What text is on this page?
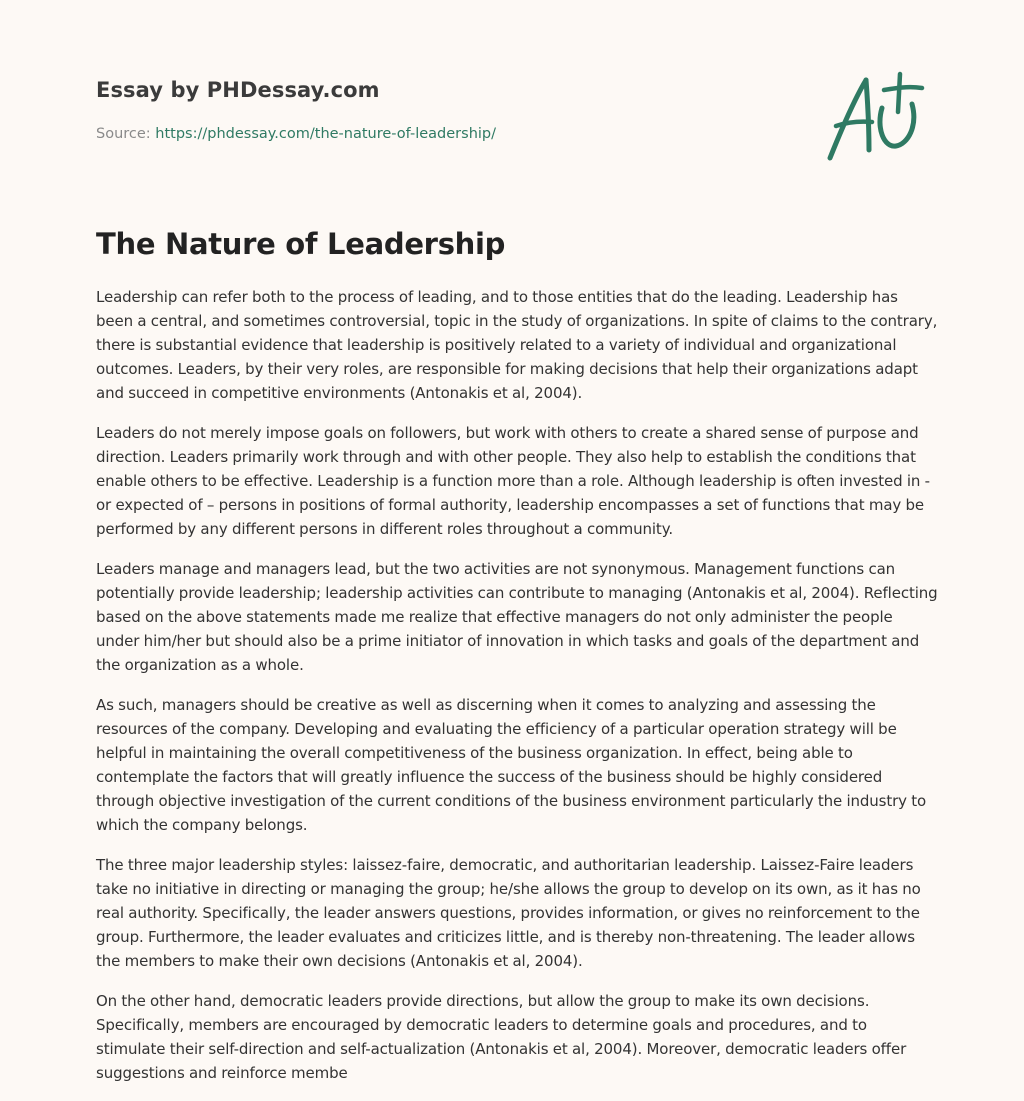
Essay by PHDessay.com
Source: https://phdessay.com/the-nature-of-leadership/
The Nature of Leadership

Leadership can refer both to the process of leading, and to those entities that do the leading. Leadership has been a central, and sometimes controversial, topic in the study of organizations. In spite of claims to the contrary, there is substantial evidence that leadership is positively related to a variety of individual and organizational outcomes. Leaders, by their very roles, are responsible for making decisions that help their organizations adapt and succeed in competitive environments (Antonakis et al, 2004).

Leaders do not merely impose goals on followers, but work with others to create a shared sense of purpose and direction. Leaders primarily work through and with other people. They also help to establish the conditions that enable others to be effective. Leadership is a function more than a role. Although leadership is often invested in - or expected of – persons in positions of formal authority, leadership encompasses a set of functions that may be performed by any different persons in different roles throughout a community.

Leaders manage and managers lead, but the two activities are not synonymous. Management functions can potentially provide leadership; leadership activities can contribute to managing (Antonakis et al, 2004). Reflecting based on the above statements made me realize that effective managers do not only administer the people under him/her but should also be a prime initiator of innovation in which tasks and goals of the department and the organization as a whole.

As such, managers should be creative as well as discerning when it comes to analyzing and assessing the resources of the company. Developing and evaluating the efficiency of a particular operation strategy will be helpful in maintaining the overall competitiveness of the business organization. In effect, being able to contemplate the factors that will greatly influence the success of the business should be highly considered through objective investigation of the current conditions of the business environment particularly the industry to which the company belongs.

The three major leadership styles: laissez-faire, democratic, and authoritarian leadership. Laissez-Faire leaders take no initiative in directing or managing the group; he/she allows the group to develop on its own, as it has no real authority. Specifically, the leader answers questions, provides information, or gives no reinforcement to the group. Furthermore, the leader evaluates and criticizes little, and is thereby non-threatening. The leader allows the members to make their own decisions (Antonakis et al, 2004).

On the other hand, democratic leaders provide directions, but allow the group to make its own decisions. Specifically, members are encouraged by democratic leaders to determine goals and procedures, and to stimulate their self-direction and self-actualization (Antonakis et al, 2004). Moreover, democratic leaders offer suggestions and reinforce membe
